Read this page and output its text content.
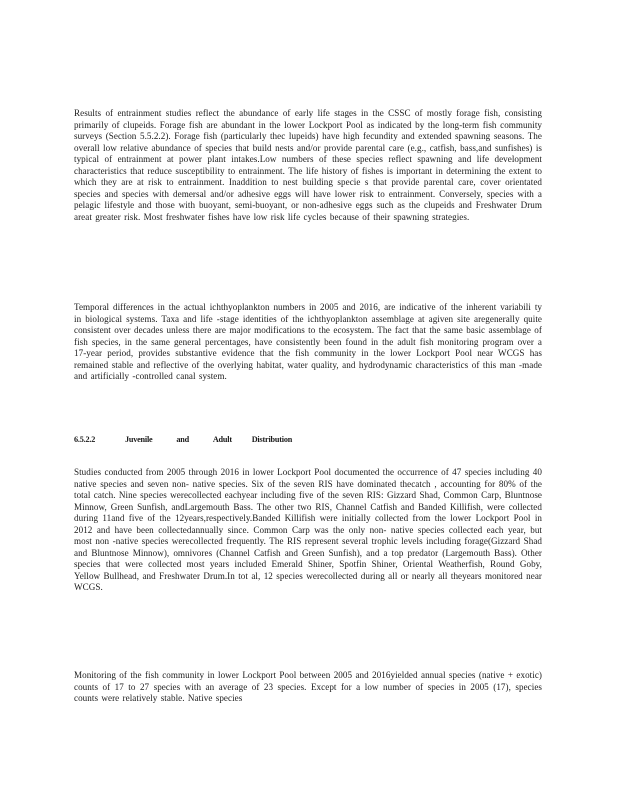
Results of entrainment studies reflect the abundance of early life stages in the CSSC of mostly forage fish, consisting primarily of clupeids. Forage fish are abundant in the lower Lockport Pool as indicated by the long-term fish community surveys (Section 5.5.2.2). Forage fish (particularly thec lupeids) have high fecundity and extended spawning seasons. The overall low relative abundance of species that build nests and/or provide parental care (e.g., catfish, bass,and sunfishes) is typical of entrainment at power plant intakes.Low numbers of these species reflect spawning and life development characteristics that reduce susceptibility to entrainment. The life history of fishes is important in determining the extent to which they are at risk to entrainment. Inaddition to nest building specie s that provide parental care, cover orientated species and species with demersal and/or adhesive eggs will have lower risk to entrainment. Conversely, species with a pelagic lifestyle and those with buoyant, semi-buoyant, or non-adhesive eggs such as the clupeids and Freshwater Drum areat greater risk. Most freshwater fishes have low risk life cycles because of their spawning strategies.

Temporal differences in the actual ichthyoplankton numbers in 2005 and 2016, are indicative of the inherent variabili ty in biological systems. Taxa and life -stage identities of the ichthyoplankton assemblage at agiven site aregenerally quite consistent over decades unless there are major modifications to the ecosystem. The fact that the same basic assemblage of fish species, in the same general percentages, have consistently been found in the adult fish monitoring program over a 17-year period, provides substantive evidence that the fish community in the lower Lockport Pool near WCGS has remained stable and reflective of the overlying habitat, water quality, and hydrodynamic characteristics of this man -made and artificially -controlled canal system.

6.5.2.2	Juvenile	and	Adult Distribution

Studies conducted from 2005 through 2016 in lower Lockport Pool documented the occurrence of 47 species including 40 native species and seven non- native species. Six of the seven RIS have dominated thecatch , accounting for 80% of the total catch. Nine species werecollected eachyear including five of the seven RIS: Gizzard Shad, Common Carp, Bluntnose Minnow, Green Sunfish, andLargemouth Bass. The other two RIS, Channel Catfish and Banded Killifish, were collected during 11and five of the 12years,respectively.Banded Killifish were initially collected from the lower Lockport Pool in 2012 and have been collectedannually since. Common Carp was the only non- native species collected each year, but most non -native species werecollected frequently. The RIS represent several trophic levels including forage(Gizzard Shad and Bluntnose Minnow), omnivores (Channel Catfish and Green Sunfish), and a top predator (Largemouth Bass). Other species that were collected most years included Emerald Shiner, Spotfin Shiner, Oriental Weatherfish, Round Goby, Yellow Bullhead, and Freshwater Drum.In tot al, 12 species werecollected during all or nearly all theyears monitored near WCGS.

Monitoring of the fish community in lower Lockport Pool between 2005 and 2016yielded annual species (native + exotic) counts of 17 to 27 species with an average of 23 species. Except for a low number of species in 2005 (17), species counts were relatively stable. Native species
